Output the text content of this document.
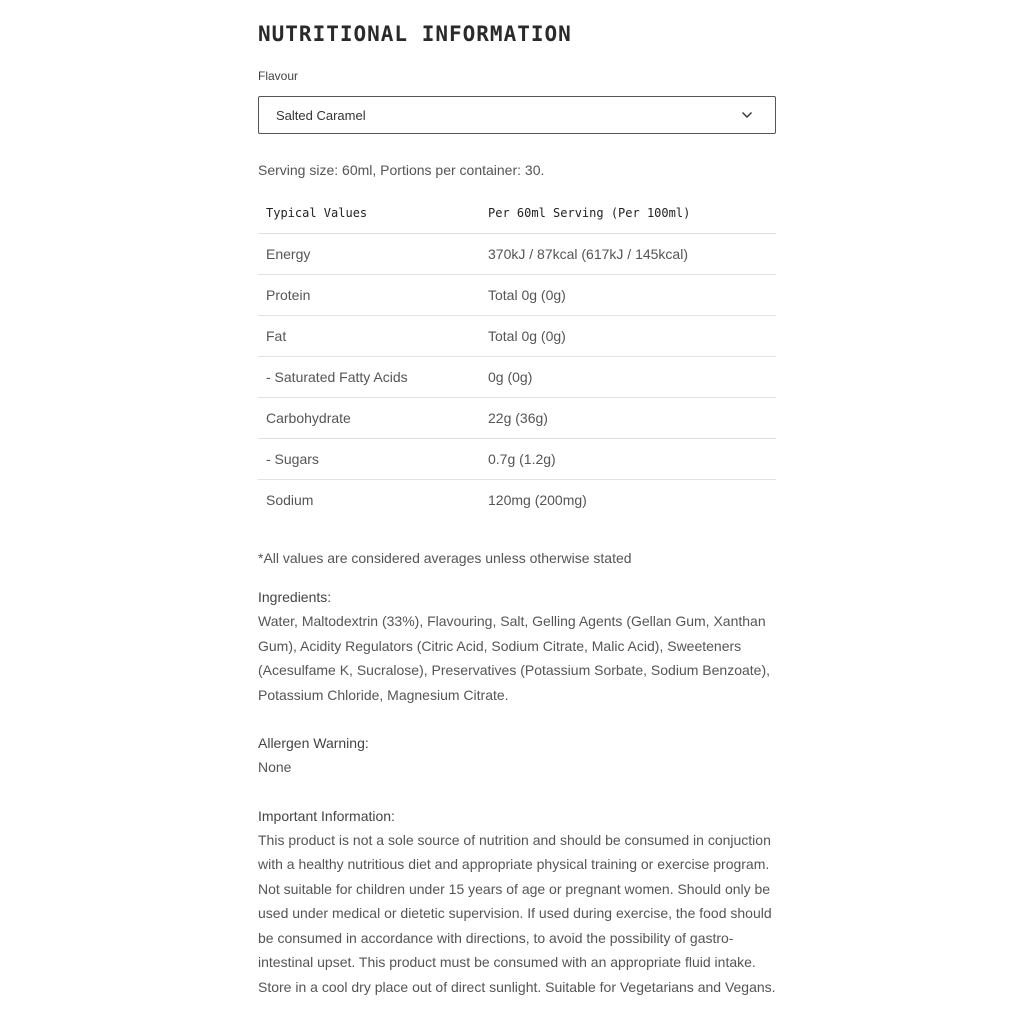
NUTRITIONAL INFORMATION
Flavour
Salted Caramel
Serving size: 60ml, Portions per container: 30.
Typical Values	Per 60ml Serving (Per 100ml)
Energy	370kJ / 87kcal (617kJ / 145kcal)
Protein	Total 0g (0g)
Fat	Total 0g (0g)
- Saturated Fatty Acids	0g (0g)
Carbohydrate	22g (36g)
- Sugars	0.7g (1.2g)
Sodium	120mg (200mg)
*All values are considered averages unless otherwise stated
Ingredients:
Water, Maltodextrin (33%), Flavouring, Salt, Gelling Agents (Gellan Gum, Xanthan Gum), Acidity Regulators (Citric Acid, Sodium Citrate, Malic Acid), Sweeteners (Acesulfame K, Sucralose), Preservatives (Potassium Sorbate, Sodium Benzoate), Potassium Chloride, Magnesium Citrate.
Allergen Warning:
None
Important Information:
This product is not a sole source of nutrition and should be consumed in conjuction with a healthy nutritious diet and appropriate physical training or exercise program. Not suitable for children under 15 years of age or pregnant women. Should only be used under medical or dietetic supervision. If used during exercise, the food should be consumed in accordance with directions, to avoid the possibility of gastro-intestinal upset. This product must be consumed with an appropriate fluid intake. Store in a cool dry place out of direct sunlight. Suitable for Vegetarians and Vegans.
